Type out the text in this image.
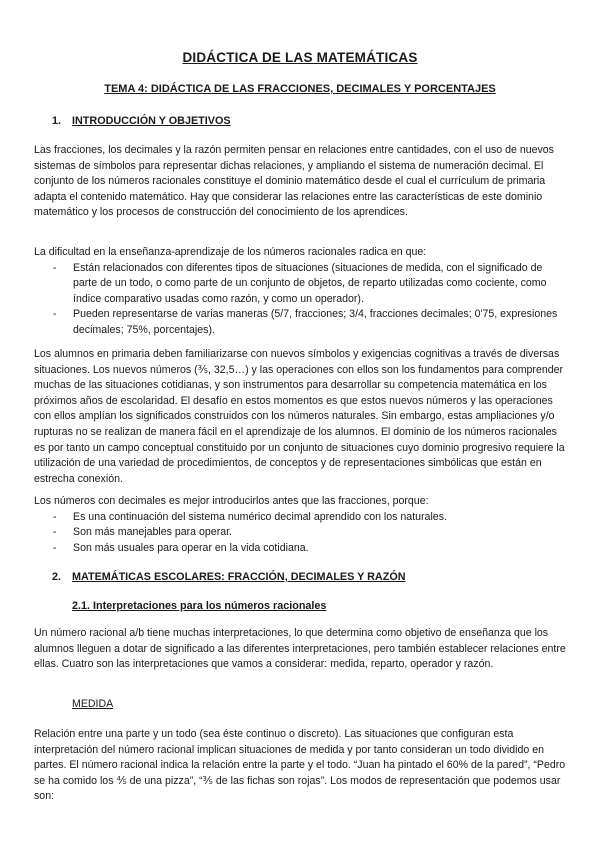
DIDÁCTICA DE LAS MATEMÁTICAS
TEMA 4: DIDÁCTICA DE LAS FRACCIONES, DECIMALES Y PORCENTAJES
1. INTRODUCCIÓN Y OBJETIVOS

Las fracciones, los decimales y la razón permiten pensar en relaciones entre cantidades, con el uso de nuevos sistemas de símbolos para representar dichas relaciones, y ampliando el sistema de numeración decimal. El conjunto de los números racionales constituye el dominio matemático desde el cual el currículum de primaria adapta el contenido matemático. Hay que considerar las relaciones entre las características de este dominio matemático y los procesos de construcción del conocimiento de los aprendices.

La dificultad en la enseñanza-aprendizaje de los números racionales radica en que:

- Están relacionados con diferentes tipos de situaciones (situaciones de medida, con el significado de parte de un todo, o como parte de un conjunto de objetos, de reparto utilizadas como cociente, como índice comparativo usadas como razón, y como un operador).
- Pueden representarse de varias maneras (5/7, fracciones; 3/4, fracciones decimales; 0'75, expresiones decimales; 75%, porcentajes).

Los alumnos en primaria deben familiarizarse con nuevos símbolos y exigencias cognitivas a través de diversas situaciones. Los nuevos números (⅗, 32,5…) y las operaciones con ellos son los fundamentos para comprender muchas de las situaciones cotidianas, y son instrumentos para desarrollar su competencia matemática en los próximos años de escolaridad. El desafío en estos momentos es que estos nuevos números y las operaciones con ellos amplían los significados construidos con los números naturales. Sin embargo, estas ampliaciones y/o rupturas no se realizan de manera fácil en el aprendizaje de los alumnos. El dominio de los números racionales es por tanto un campo conceptual constituido por un conjunto de situaciones cuyo dominio progresivo requiere la utilización de una variedad de procedimientos, de conceptos y de representaciones simbólicas que están en estrecha conexión.

Los números con decimales es mejor introducirlos antes que las fracciones, porque:

- Es una continuación del sistema numérico decimal aprendido con los naturales.
- Son más manejables para operar.
- Son más usuales para operar en la vida cotidiana.
2. MATEMÁTICAS ESCOLARES: FRACCIÓN, DECIMALES Y RAZÓN
2.1. Interpretaciones para los números racionales

Un número racional a/b tiene muchas interpretaciones, lo que determina como objetivo de enseñanza que los alumnos lleguen a dotar de significado a las diferentes interpretaciones, pero también establecer relaciones entre ellas. Cuatro son las interpretaciones que vamos a considerar: medida, reparto, operador y razón.

MEDIDA

Relación entre una parte y un todo (sea éste continuo o discreto). Las situaciones que configuran esta interpretación del número racional implican situaciones de medida y por tanto consideran un todo dividido en partes. El número racional indica la relación entre la parte y el todo. “Juan ha pintado el 60% de la pared”, “Pedro se ha comido los ⅘ de una pizza”, “⅗ de las fichas son rojas”. Los modos de representación que podemos usar son:
